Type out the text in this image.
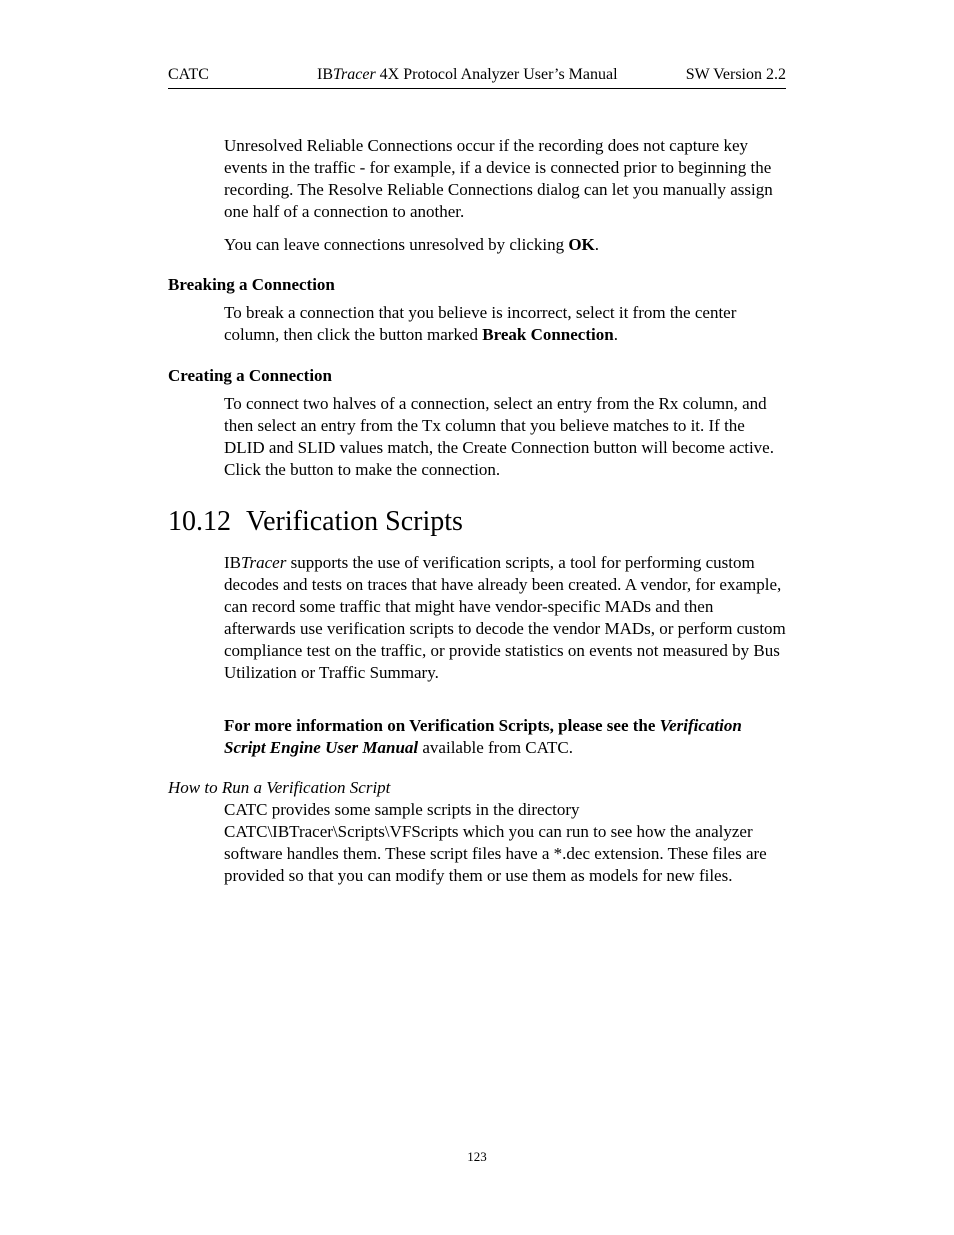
CATC	IBTracer 4X Protocol Analyzer User’s Manual	SW Version 2.2
Unresolved Reliable Connections occur if the recording does not capture key events in the traffic - for example, if a device is connected prior to beginning the recording. The Resolve Reliable Connections dialog can let you manually assign one half of a connection to another.
You can leave connections unresolved by clicking OK.
Breaking a Connection
To break a connection that you believe is incorrect, select it from the center column, then click the button marked Break Connection.
Creating a Connection
To connect two halves of a connection, select an entry from the Rx column, and then select an entry from the Tx column that you believe matches to it. If the DLID and SLID values match, the Create Connection button will become active. Click the button to make the connection.
10.12 Verification Scripts
IBTracer supports the use of verification scripts, a tool for performing custom decodes and tests on traces that have already been created. A vendor, for example, can record some traffic that might have vendor-specific MADs and then afterwards use verification scripts to decode the vendor MADs, or perform custom compliance test on the traffic, or provide statistics on events not measured by Bus Utilization or Traffic Summary.
For more information on Verification Scripts, please see the Verification Script Engine User Manual available from CATC.
How to Run a Verification Script
CATC provides some sample scripts in the directory CATC\IBTracer\Scripts\VFScripts which you can run to see how the analyzer software handles them. These script files have a *.dec extension. These files are provided so that you can modify them or use them as models for new files.
123
